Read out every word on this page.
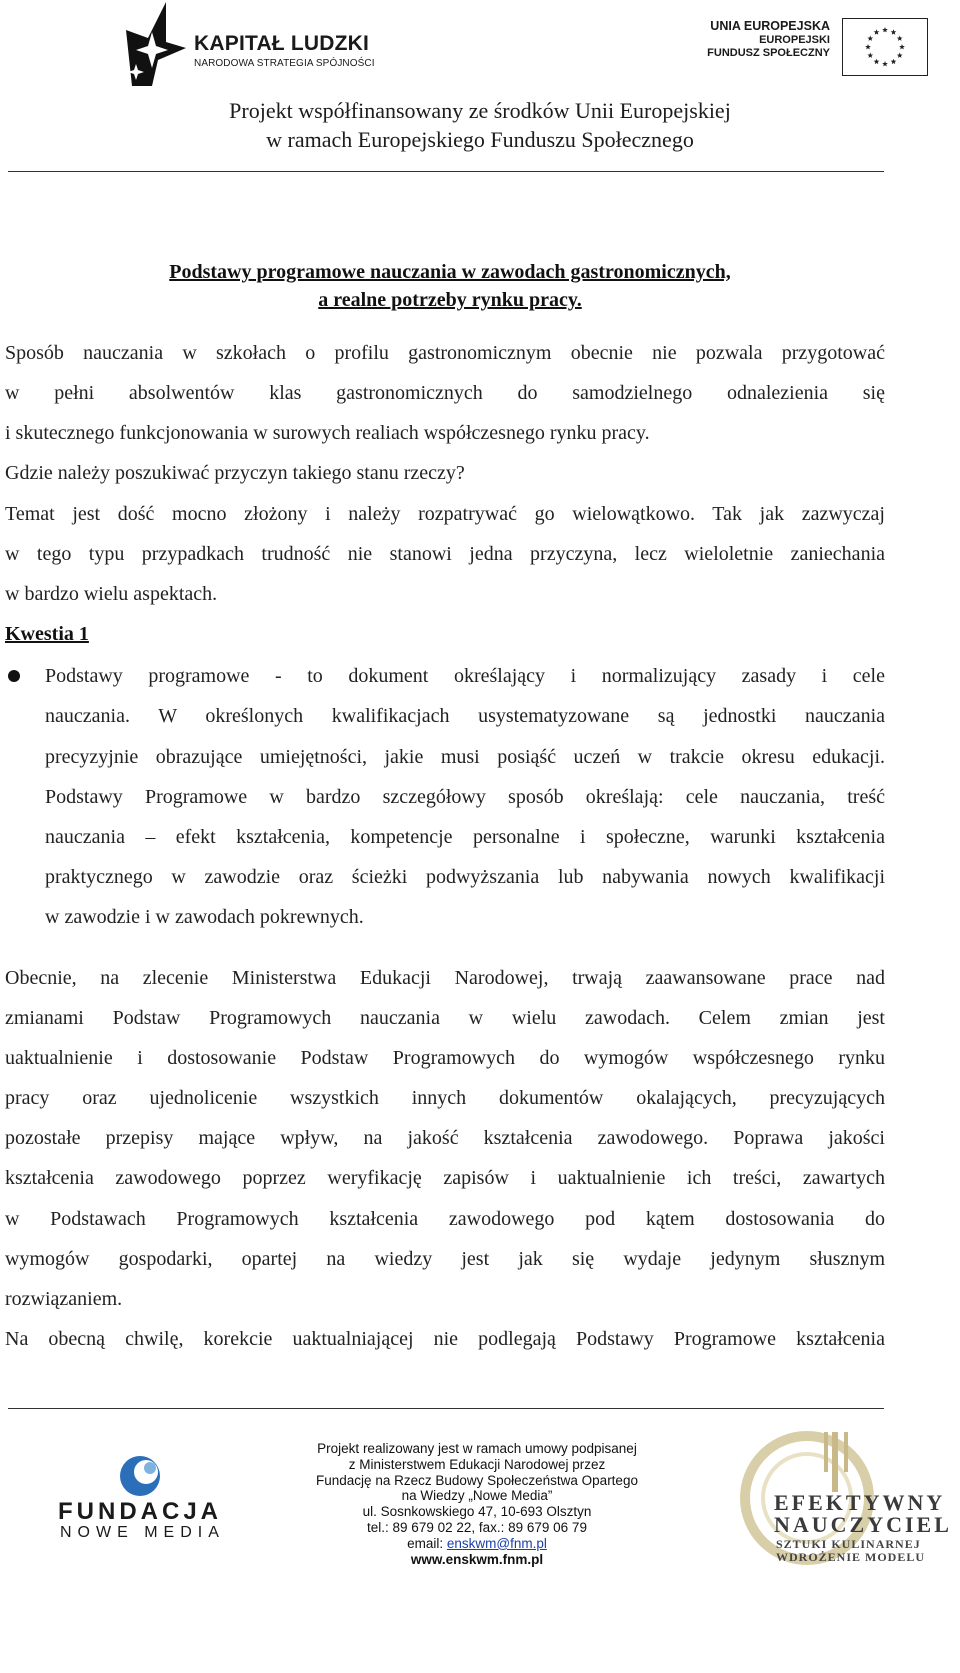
KAPITAŁ LUDZKI
NARODOWA STRATEGIA SPÓJNOŚCI
UNIA EUROPEJSKA
EUROPEJSKI
FUNDUSZ SPOŁECZNY
Projekt współfinansowany ze środków Unii Europejskiej
w ramach Europejskiego Funduszu Społecznego
Podstawy programowe nauczania w zawodach gastronomicznych,
a realne potrzeby rynku pracy.
Sposób nauczania w szkołach o profilu gastronomicznym obecnie nie pozwala przygotować
w pełni absolwentów klas gastronomicznych do samodzielnego odnalezienia się
i skutecznego funkcjonowania w surowych realiach współczesnego rynku pracy.
Gdzie należy poszukiwać przyczyn takiego stanu rzeczy?
Temat jest dość mocno złożony i należy rozpatrywać go wielowątkowo. Tak jak zazwyczaj
w tego typu przypadkach trudność nie stanowi jedna przyczyna, lecz wieloletnie zaniechania
w bardzo wielu aspektach.
Kwestia 1
Podstawy programowe - to dokument określający i normalizujący zasady i cele
nauczania. W określonych kwalifikacjach usystematyzowane są jednostki nauczania
precyzyjnie obrazujące umiejętności, jakie musi posiąść uczeń w trakcie okresu edukacji.
Podstawy Programowe w bardzo szczegółowy sposób określają: cele nauczania, treść
nauczania – efekt kształcenia, kompetencje personalne i społeczne, warunki kształcenia
praktycznego w zawodzie oraz ścieżki podwyższania lub nabywania nowych kwalifikacji
w zawodzie i w zawodach pokrewnych.
Obecnie, na zlecenie Ministerstwa Edukacji Narodowej, trwają zaawansowane prace nad
zmianami Podstaw Programowych nauczania w wielu zawodach. Celem zmian jest
uaktualnienie i dostosowanie Podstaw Programowych do wymogów współczesnego rynku
pracy oraz ujednolicenie wszystkich innych dokumentów okalających, precyzujących
pozostałe przepisy mające wpływ, na jakość kształcenia zawodowego. Poprawa jakości
kształcenia zawodowego poprzez weryfikację zapisów i uaktualnienie ich treści, zawartych
w Podstawach Programowych kształcenia zawodowego pod kątem dostosowania do
wymogów gospodarki, opartej na wiedzy jest jak się wydaje jedynym słusznym
rozwiązaniem.
Na obecną chwilę, korekcie uaktualniającej nie podlegają Podstawy Programowe kształcenia
FUNDACJA
NOWE MEDIA
Projekt realizowany jest w ramach umowy podpisanej
z Ministerstwem Edukacji Narodowej przez
Fundację na Rzecz Budowy Społeczeństwa Opartego
na Wiedzy „Nowe Media”
ul. Sosnkowskiego 47, 10-693 Olsztyn
tel.: 89 679 02 22, fax.: 89 679 06 79
email: enskwm@fnm.pl
www.enskwm.fnm.pl
EFEKTYWNY
NAUCZYCIEL
SZTUKI KULINARNEJ
WDROŻENIE MODELU
